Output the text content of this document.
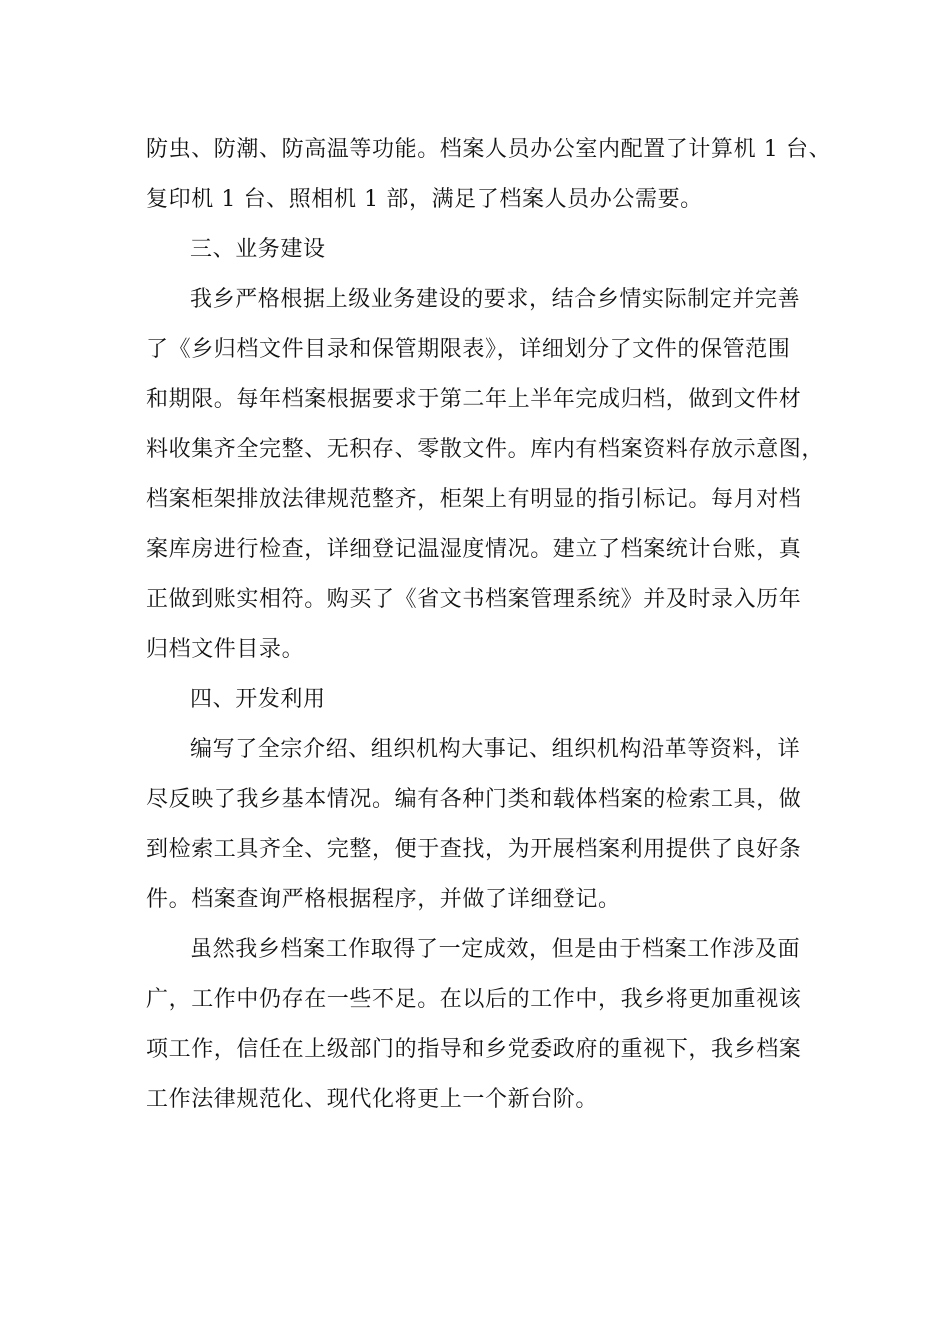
防虫、防潮、防高温等功能。档案人员办公室内配置了计算机 1 台、

复印机 1 台、照相机 1 部，满足了档案人员办公需要。

三、业务建设

我乡严格根据上级业务建设的要求，结合乡情实际制定并完善

了《乡归档文件目录和保管期限表》，详细划分了文件的保管范围

和期限。每年档案根据要求于第二年上半年完成归档，做到文件材

料收集齐全完整、无积存、零散文件。库内有档案资料存放示意图，

档案柜架排放法律规范整齐，柜架上有明显的指引标记。每月对档

案库房进行检查，详细登记温湿度情况。建立了档案统计台账，真

正做到账实相符。购买了《省文书档案管理系统》并及时录入历年

归档文件目录。

四、开发利用

编写了全宗介绍、组织机构大事记、组织机构沿革等资料，详

尽反映了我乡基本情况。编有各种门类和载体档案的检索工具，做

到检索工具齐全、完整，便于查找，为开展档案利用提供了良好条

件。档案查询严格根据程序，并做了详细登记。

虽然我乡档案工作取得了一定成效，但是由于档案工作涉及面

广，工作中仍存在一些不足。在以后的工作中，我乡将更加重视该

项工作，信任在上级部门的指导和乡党委政府的重视下，我乡档案

工作法律规范化、现代化将更上一个新台阶。
